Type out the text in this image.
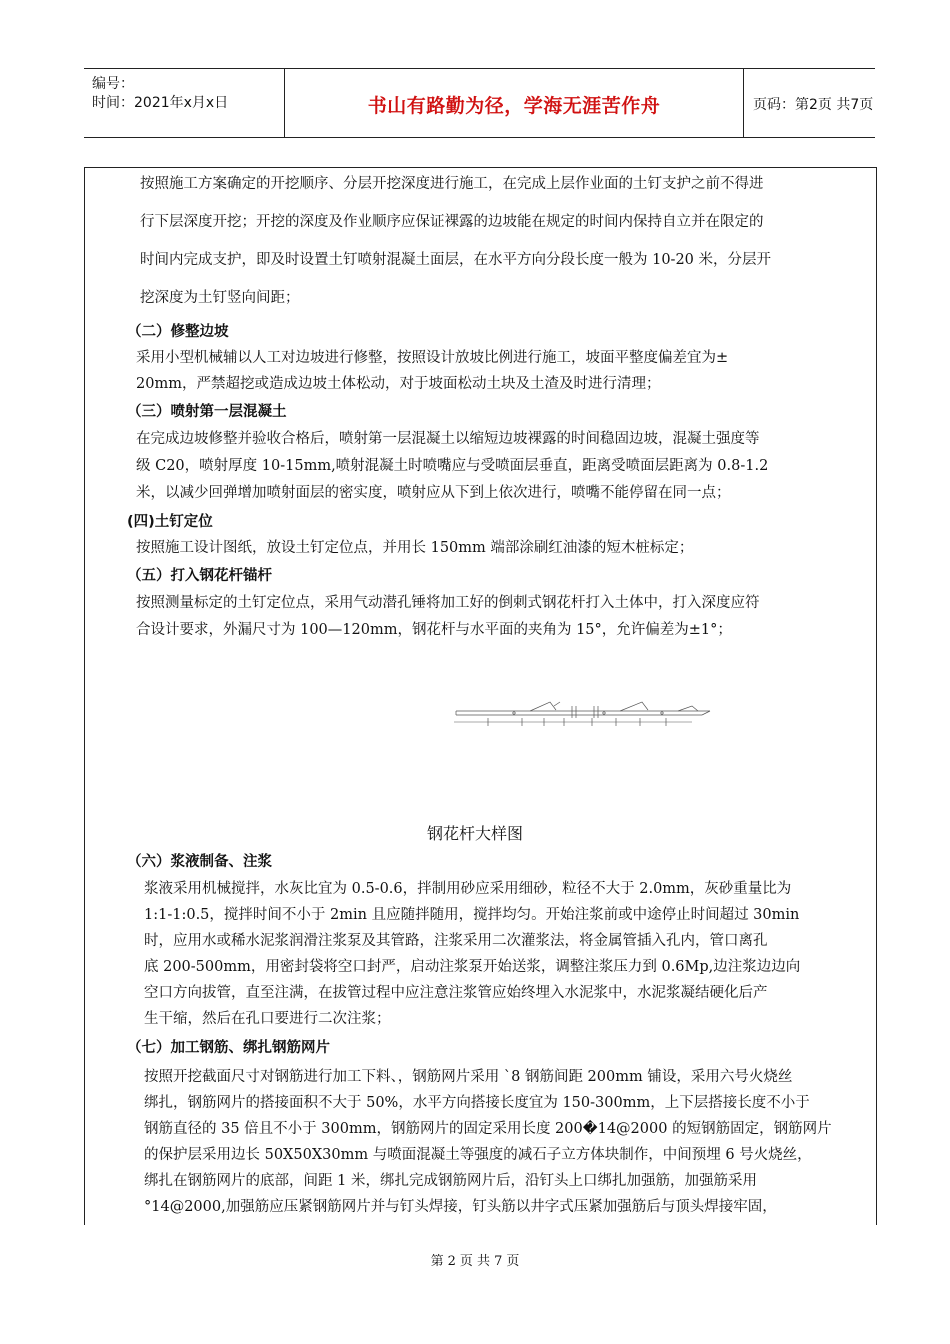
编号：
时间：2021年x月x日	书山有路勤为径，学海无涯苦作舟	页码：第2页 共7页
按照施工方案确定的开挖顺序、分层开挖深度进行施工，在完成上层作业面的土钉支护之前不得进
行下层深度开挖；开挖的深度及作业顺序应保证裸露的边坡能在规定的时间内保持自立并在限定的
时间内完成支护，即及时设置土钉喷射混凝土面层，在水平方向分段长度一般为 10-20 米，分层开
挖深度为土钉竖向间距；
（二）修整边坡
采用小型机械辅以人工对边坡进行修整，按照设计放坡比例进行施工，坡面平整度偏差宜为±
20mm，严禁超挖或造成边坡土体松动，对于坡面松动土块及土渣及时进行清理；
（三）喷射第一层混凝土
在完成边坡修整并验收合格后，喷射第一层混凝土以缩短边坡裸露的时间稳固边坡，混凝土强度等
级 C20，喷射厚度 10-15mm,喷射混凝土时喷嘴应与受喷面层垂直，距离受喷面层距离为 0.8-1.2
米，以减少回弹增加喷射面层的密实度，喷射应从下到上依次进行，喷嘴不能停留在同一点；
(四)土钉定位
按照施工设计图纸，放设土钉定位点，并用长 150mm 端部涂刷红油漆的短木桩标定；
（五）打入钢花杆锚杆
按照测量标定的土钉定位点，采用气动潜孔锤将加工好的倒刺式钢花杆打入土体中，打入深度应符
合设计要求，外漏尺寸为 100—120mm，钢花杆与水平面的夹角为 15°，允许偏差为±1°；
钢花杆大样图
（六）浆液制备、注浆
浆液采用机械搅拌，水灰比宜为 0.5-0.6，拌制用砂应采用细砂，粒径不大于 2.0mm，灰砂重量比为
1:1-1:0.5，搅拌时间不小于 2min 且应随拌随用，搅拌均匀。开始注浆前或中途停止时间超过 30min
时，应用水或稀水泥浆润滑注浆泵及其管路，注浆采用二次灌浆法，将金属管插入孔内，管口离孔
底 200-500mm，用密封袋将空口封严，启动注浆泵开始送浆，调整注浆压力到 0.6Mp,边注浆边边向
空口方向拔管，直至注满，在拔管过程中应注意注浆管应始终埋入水泥浆中，水泥浆凝结硬化后产
生干缩，然后在孔口要进行二次注浆；
（七）加工钢筋、绑扎钢筋网片
按照开挖截面尺寸对钢筋进行加工下料、，钢筋网片采用 `8 钢筋间距 200mm 铺设，采用六号火烧丝
绑扎，钢筋网片的搭接面积不大于 50%，水平方向搭接长度宜为 150-300mm，上下层搭接长度不小于
钢筋直径的 35 倍且不小于 300mm，钢筋网片的固定采用长度 200�14@2000 的短钢筋固定，钢筋网片
的保护层采用边长 50X50X30mm 与喷面混凝土等强度的减石子立方体块制作，中间预埋 6 号火烧丝，
绑扎在钢筋网片的底部，间距 1 米，绑扎完成钢筋网片后，沿钉头上口绑扎加强筋，加强筋采用
°14@2000,加强筋应压紧钢筋网片并与钉头焊接，钉头筋以井字式压紧加强筋后与顶头焊接牢固，
第 2 页 共 7 页
